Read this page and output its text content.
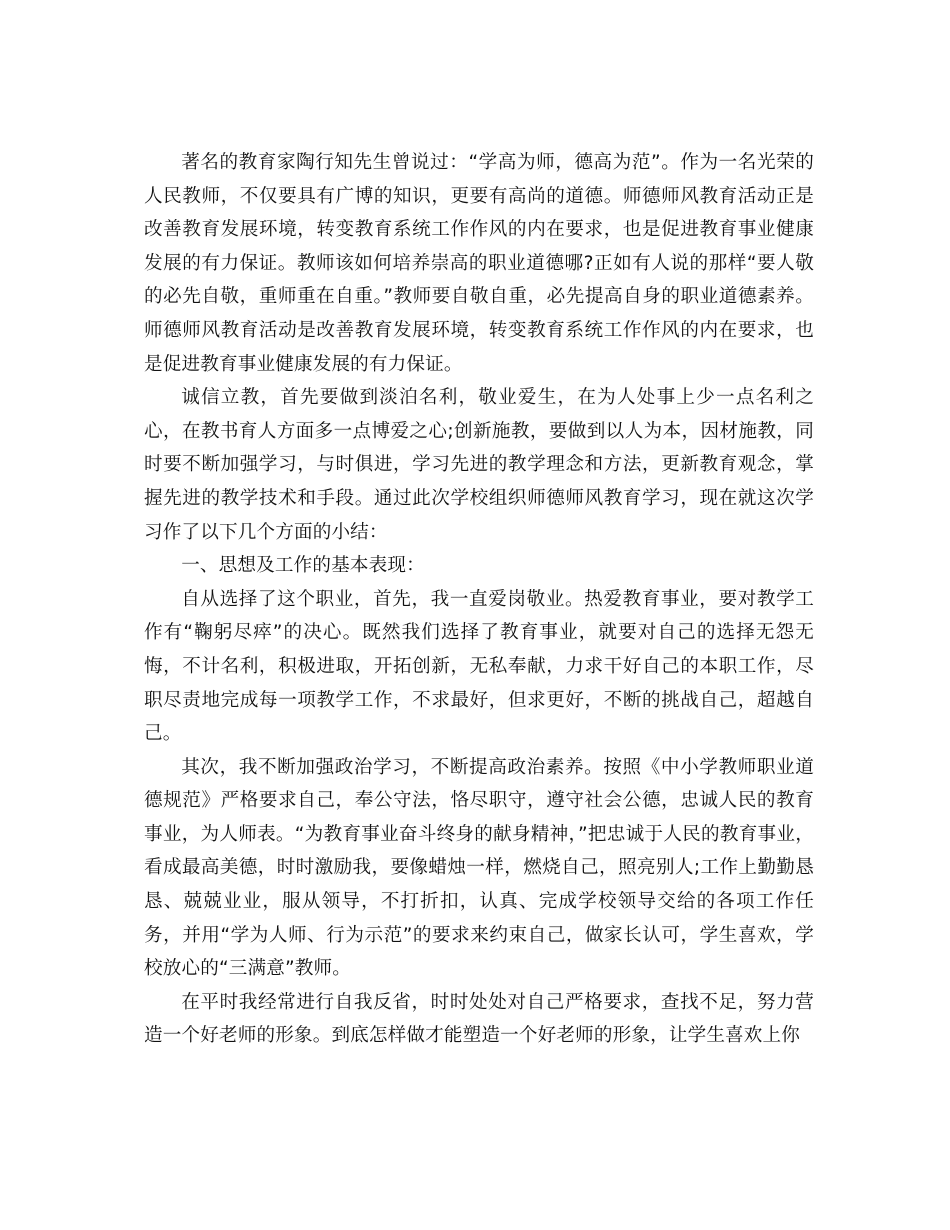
著名的教育家陶行知先生曾说过：“学高为师，德高为范”。作为一名光荣的人民教师，不仅要具有广博的知识，更要有高尚的道德。师德师风教育活动正是改善教育发展环境，转变教育系统工作作风的内在要求，也是促进教育事业健康发展的有力保证。教师该如何培养崇高的职业道德哪?正如有人说的那样“要人敬的必先自敬，重师重在自重。”教师要自敬自重，必先提高自身的职业道德素养。师德师风教育活动是改善教育发展环境，转变教育系统工作作风的内在要求，也是促进教育事业健康发展的有力保证。

诚信立教，首先要做到淡泊名利，敬业爱生，在为人处事上少一点名利之心，在教书育人方面多一点博爱之心;创新施教，要做到以人为本，因材施教，同时要不断加强学习，与时俱进，学习先进的教学理念和方法，更新教育观念，掌握先进的教学技术和手段。通过此次学校组织师德师风教育学习，现在就这次学习作了以下几个方面的小结：

一、思想及工作的基本表现：

自从选择了这个职业，首先，我一直爱岗敬业。热爱教育事业，要对教学工作有“鞠躬尽瘁”的决心。既然我们选择了教育事业，就要对自己的选择无怨无悔，不计名利，积极进取，开拓创新，无私奉献，力求干好自己的本职工作，尽职尽责地完成每一项教学工作，不求最好，但求更好，不断的挑战自己，超越自己。

其次，我不断加强政治学习，不断提高政治素养。按照《中小学教师职业道德规范》严格要求自己，奉公守法，恪尽职守，遵守社会公德，忠诚人民的教育事业，为人师表。“为教育事业奋斗终身的献身精神，”把忠诚于人民的教育事业，看成最高美德，时时激励我，要像蜡烛一样，燃烧自己，照亮别人;工作上勤勤恳恳、兢兢业业，服从领导，不打折扣，认真、完成学校领导交给的各项工作任务，并用“学为人师、行为示范”的要求来约束自己，做家长认可，学生喜欢，学校放心的“三满意”教师。

在平时我经常进行自我反省，时时处处对自己严格要求，查找不足，努力营造一个好老师的形象。到底怎样做才能塑造一个好老师的形象，让学生喜欢上你
